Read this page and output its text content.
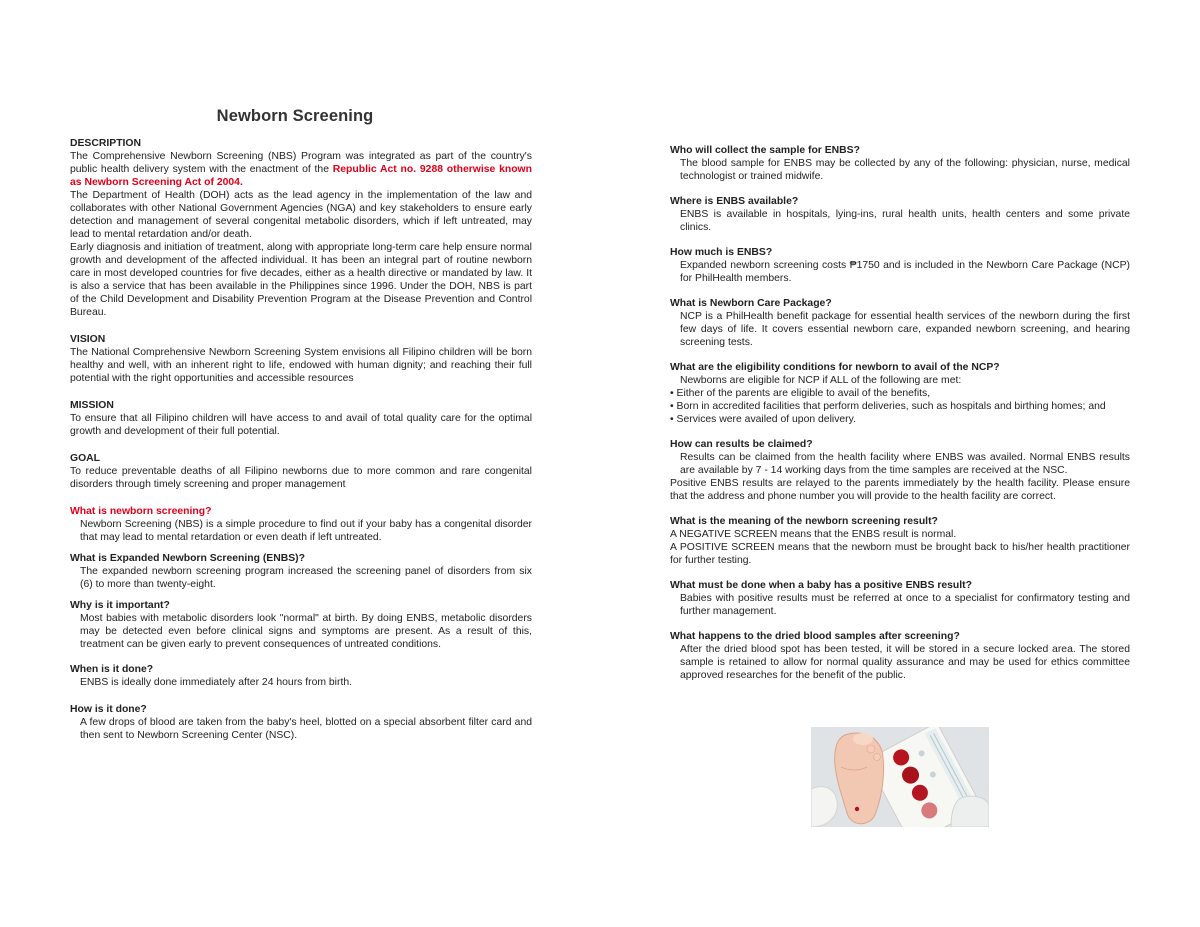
Newborn Screening
DESCRIPTION
The Comprehensive Newborn Screening (NBS) Program was integrated as part of the country's public health delivery system with the enactment of the Republic Act no. 9288 otherwise known as Newborn Screening Act of 2004.
The Department of Health (DOH) acts as the lead agency in the implementation of the law and collaborates with other National Government Agencies (NGA) and key stakeholders to ensure early detection and management of several congenital metabolic disorders, which if left untreated, may lead to mental retardation and/or death.
Early diagnosis and initiation of treatment, along with appropriate long-term care help ensure normal growth and development of the affected individual. It has been an integral part of routine newborn care in most developed countries for five decades, either as a health directive or mandated by law. It is also a service that has been available in the Philippines since 1996. Under the DOH, NBS is part of the Child Development and Disability Prevention Program at the Disease Prevention and Control Bureau.
VISION
The National Comprehensive Newborn Screening System envisions all Filipino children will be born healthy and well, with an inherent right to life, endowed with human dignity; and reaching their full potential with the right opportunities and accessible resources
MISSION
To ensure that all Filipino children will have access to and avail of total quality care for the optimal growth and development of their full potential.
GOAL
To reduce preventable deaths of all Filipino newborns due to more common and rare congenital disorders through timely screening and proper management
What is newborn screening?
Newborn Screening (NBS) is a simple procedure to find out if your baby has a congenital disorder that may lead to mental retardation or even death if left untreated.
What is Expanded Newborn Screening (ENBS)?
The expanded newborn screening program increased the screening panel of disorders from six (6) to more than twenty-eight.
Why is it important?
Most babies with metabolic disorders look "normal" at birth. By doing ENBS, metabolic disorders may be detected even before clinical signs and symptoms are present. As a result of this, treatment can be given early to prevent consequences of untreated conditions.
When is it done?
ENBS is ideally done immediately after 24 hours from birth.
How is it done?
A few drops of blood are taken from the baby's heel, blotted on a special absorbent filter card and then sent to Newborn Screening Center (NSC).
Who will collect the sample for ENBS?
The blood sample for ENBS may be collected by any of the following: physician, nurse, medical technologist or trained midwife.
Where is ENBS available?
ENBS is available in hospitals, lying-ins, rural health units, health centers and some private clinics.
How much is ENBS?
Expanded newborn screening costs ₱1750 and is included in the Newborn Care Package (NCP) for PhilHealth members.
What is Newborn Care Package?
NCP is a PhilHealth benefit package for essential health services of the newborn during the first few days of life. It covers essential newborn care, expanded newborn screening, and hearing screening tests.
What are the eligibility conditions for newborn to avail of the NCP?
Newborns are eligible for NCP if ALL of the following are met:
• Either of the parents are eligible to avail of the benefits,
• Born in accredited facilities that perform deliveries, such as hospitals and birthing homes; and
• Services were availed of upon delivery.
How can results be claimed?
Results can be claimed from the health facility where ENBS was availed. Normal ENBS results are available by 7 - 14 working days from the time samples are received at the NSC.
Positive ENBS results are relayed to the parents immediately by the health facility. Please ensure that the address and phone number you will provide to the health facility are correct.
What is the meaning of the newborn screening result?
A NEGATIVE SCREEN means that the ENBS result is normal.
A POSITIVE SCREEN means that the newborn must be brought back to his/her health practitioner for further testing.
What must be done when a baby has a positive ENBS result?
Babies with positive results must be referred at once to a specialist for confirmatory testing and further management.
What happens to the dried blood samples after screening?
After the dried blood spot has been tested, it will be stored in a secure locked area. The stored sample is retained to allow for normal quality assurance and may be used for ethics committee approved researches for the benefit of the public.
